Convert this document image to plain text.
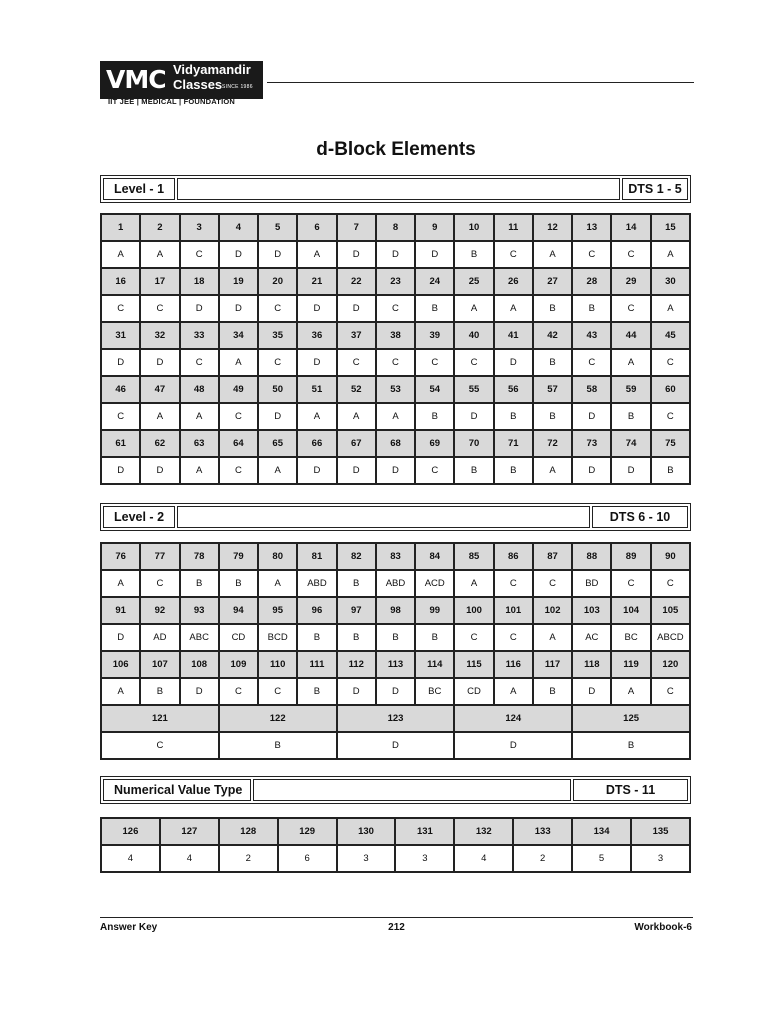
VMC Vidyamandir
Classes SINCE 1986
IIT JEE | MEDICAL | FOUNDATION
d-Block Elements
Level - 1	DTS 1 - 5
1	2	3	4	5	6	7	8	9	10	11	12	13	14	15
A	A	C	D	D	A	D	D	D	B	C	A	C	C	A
16	17	18	19	20	21	22	23	24	25	26	27	28	29	30
C	C	D	D	C	D	D	C	B	A	A	B	B	C	A
31	32	33	34	35	36	37	38	39	40	41	42	43	44	45
D	D	C	A	C	D	C	C	C	C	D	B	C	A	C
46	47	48	49	50	51	52	53	54	55	56	57	58	59	60
C	A	A	C	D	A	A	A	B	D	B	B	D	B	C
61	62	63	64	65	66	67	68	69	70	71	72	73	74	75
D	D	A	C	A	D	D	D	C	B	B	A	D	D	B
Level - 2	DTS 6 - 10
76	77	78	79	80	81	82	83	84	85	86	87	88	89	90
A	C	B	B	A	ABD	B	ABD	ACD	A	C	C	BD	C	C
91	92	93	94	95	96	97	98	99	100	101	102	103	104	105
D	AD	ABC	CD	BCD	B	B	B	B	C	C	A	AC	BC	ABCD
106	107	108	109	110	111	112	113	114	115	116	117	118	119	120
A	B	D	C	C	B	D	D	BC	CD	A	B	D	A	C
121			122			123			124			125		
C			B			D			D			B		
Numerical Value Type	DTS - 11
126	127	128	129	130	131	132	133	134	135
4	4	2	6	3	3	4	2	5	3
Answer Key	212	Workbook-6
